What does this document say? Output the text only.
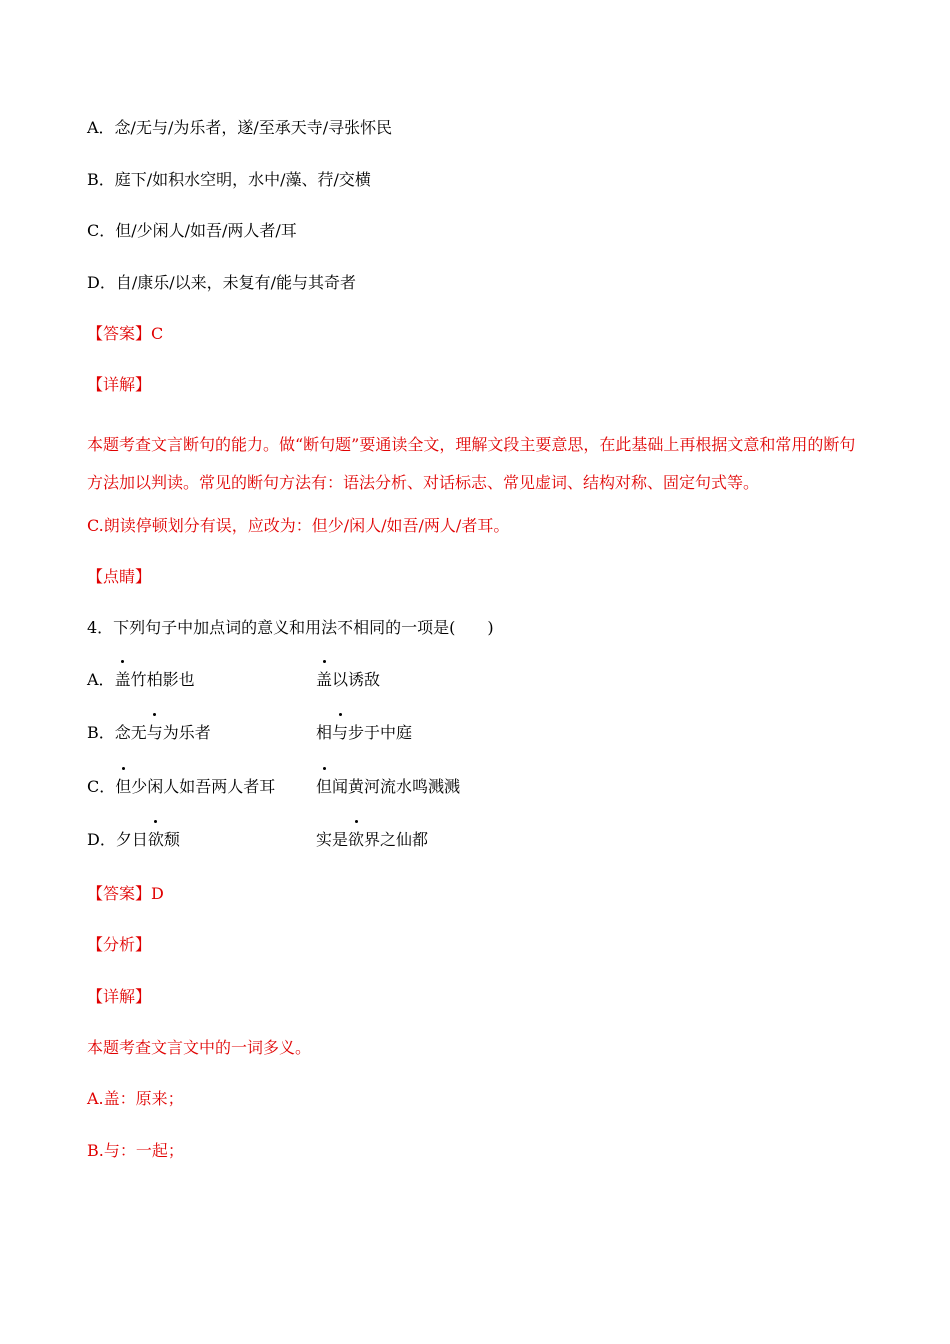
A．念/无与/为乐者，遂/至承天寺/寻张怀民
B．庭下/如积水空明，水中/藻、荇/交横
C．但/少闲人/如吾/两人者/耳
D．自/康乐/以来，未复有/能与其奇者
【答案】C
【详解】
本题考查文言断句的能力。做“断句题”要通读全文，理解文段主要意思，在此基础上再根据文意和常用的断句方法加以判读。常见的断句方法有：语法分析、对话标志、常见虚词、结构对称、固定句式等。
C.朗读停顿划分有误，应改为：但少/闲人/如吾/两人/者耳。
【点睛】
4．下列句子中加点词的意义和用法不相同的一项是(　　)
A．盖竹柏影也	盖以诱敌
B．念无与为乐者	相与步于中庭
C．但少闲人如吾两人者耳	但闻黄河流水鸣溅溅
D．夕日欲颓	实是欲界之仙都
【答案】D
【分析】
【详解】
本题考查文言文中的一词多义。
A.盖：原来；
B.与：一起；
